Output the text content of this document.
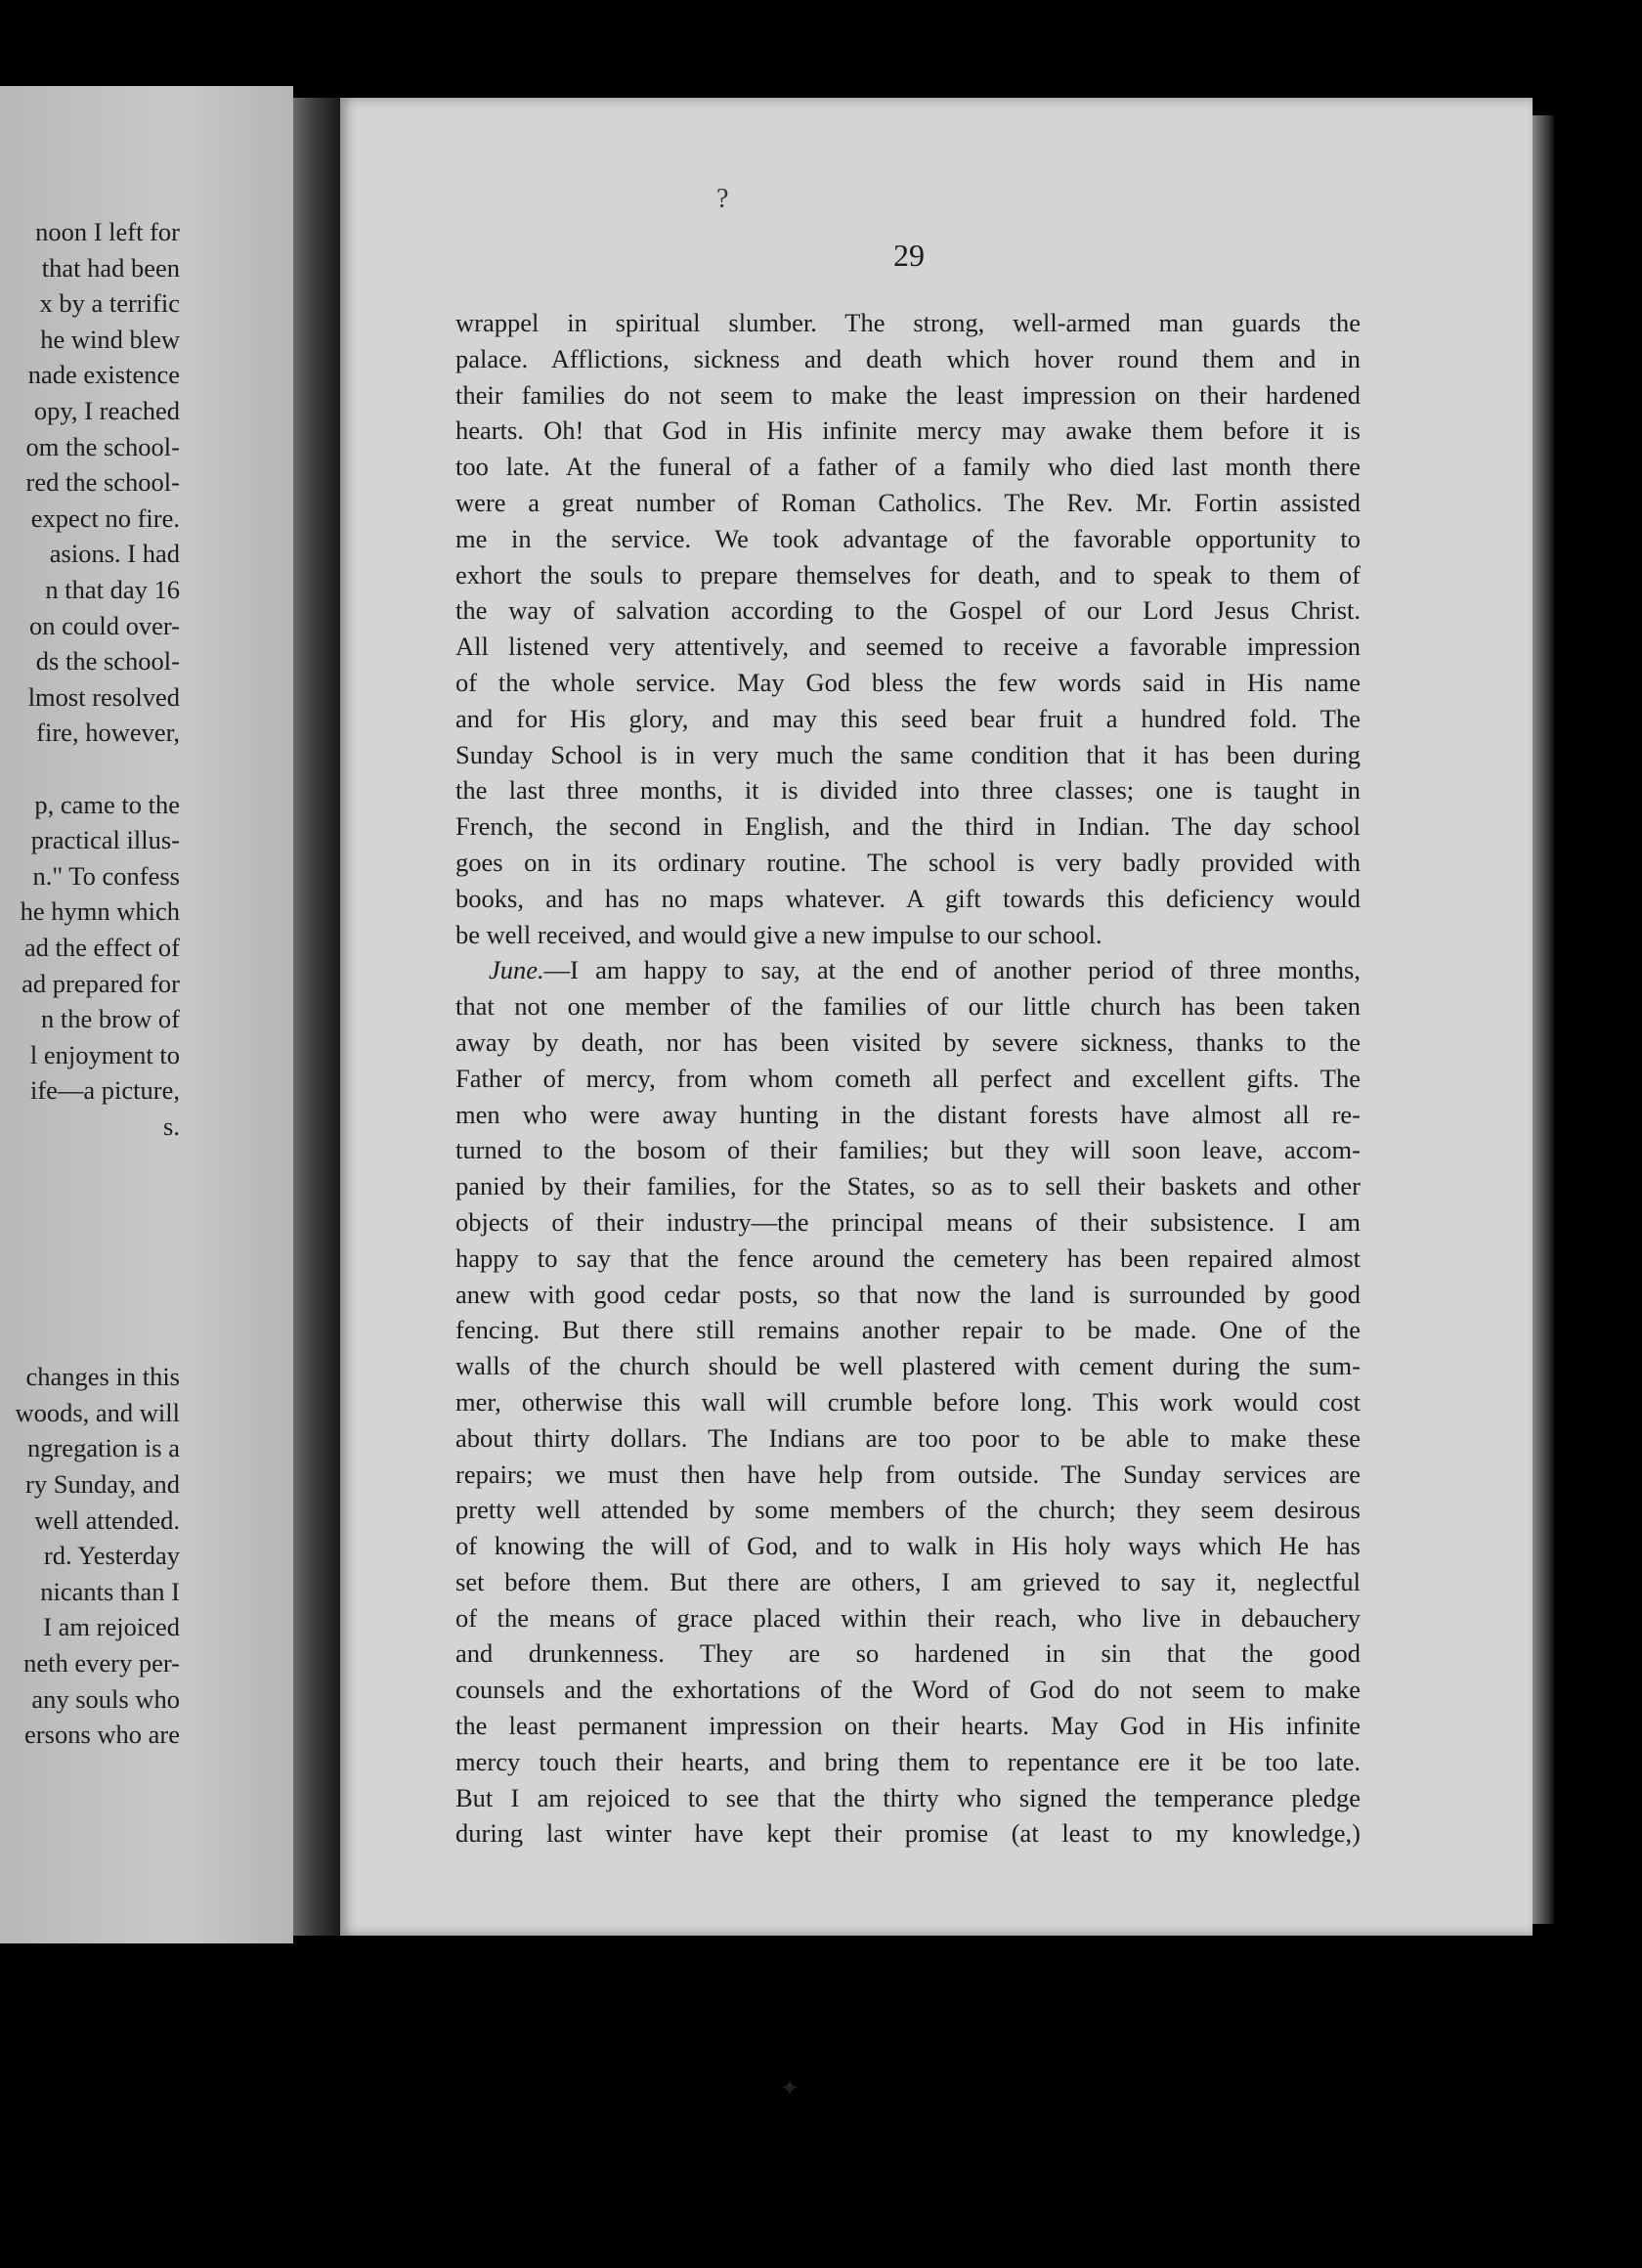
noon I left for
that had been
x by a terrific
he wind blew
nade existence
opy, I reached
om the school-
red the school-
expect no fire.
asions. I had
n that day 16
on could over-
ds the school-
lmost resolved
fire, however,
p, came to the
practical illus-
n." To confess
he hymn which
ad the effect of
ad prepared for
n the brow of
l enjoyment to
ife—a picture,
s.
changes in this
woods, and will
ngregation is a
ry Sunday, and
well attended.
rd. Yesterday
nicants than I
I am rejoiced
neth every per-
any souls who
ersons who are
?
29
wrappel in spiritual slumber. The strong, well-armed man guards the
palace. Afflictions, sickness and death which hover round them and in
their families do not seem to make the least impression on their hardened
hearts. Oh! that God in His infinite mercy may awake them before it is
too late. At the funeral of a father of a family who died last month there
were a great number of Roman Catholics. The Rev. Mr. Fortin assisted
me in the service. We took advantage of the favorable opportunity to
exhort the souls to prepare themselves for death, and to speak to them of
the way of salvation according to the Gospel of our Lord Jesus Christ.
All listened very attentively, and seemed to receive a favorable impression
of the whole service. May God bless the few words said in His name
and for His glory, and may this seed bear fruit a hundred fold. The
Sunday School is in very much the same condition that it has been during
the last three months, it is divided into three classes; one is taught in
French, the second in English, and the third in Indian. The day school
goes on in its ordinary routine. The school is very badly provided with
books, and has no maps whatever. A gift towards this deficiency would
be well received, and would give a new impulse to our school.
June.—I am happy to say, at the end of another period of three months,
that not one member of the families of our little church has been taken
away by death, nor has been visited by severe sickness, thanks to the
Father of mercy, from whom cometh all perfect and excellent gifts. The
men who were away hunting in the distant forests have almost all re-
turned to the bosom of their families; but they will soon leave, accom-
panied by their families, for the States, so as to sell their baskets and other
objects of their industry—the principal means of their subsistence. I am
happy to say that the fence around the cemetery has been repaired almost
anew with good cedar posts, so that now the land is surrounded by good
fencing. But there still remains another repair to be made. One of the
walls of the church should be well plastered with cement during the sum-
mer, otherwise this wall will crumble before long. This work would cost
about thirty dollars. The Indians are too poor to be able to make these
repairs; we must then have help from outside. The Sunday services are
pretty well attended by some members of the church; they seem desirous
of knowing the will of God, and to walk in His holy ways which He has
set before them. But there are others, I am grieved to say it, neglectful
of the means of grace placed within their reach, who live in debauchery
and drunkenness. They are so hardened in sin that the good
counsels and the exhortations of the Word of God do not seem to make
the least permanent impression on their hearts. May God in His infinite
mercy touch their hearts, and bring them to repentance ere it be too late.
But I am rejoiced to see that the thirty who signed the temperance pledge
during last winter have kept their promise (at least to my knowledge,)
✦
